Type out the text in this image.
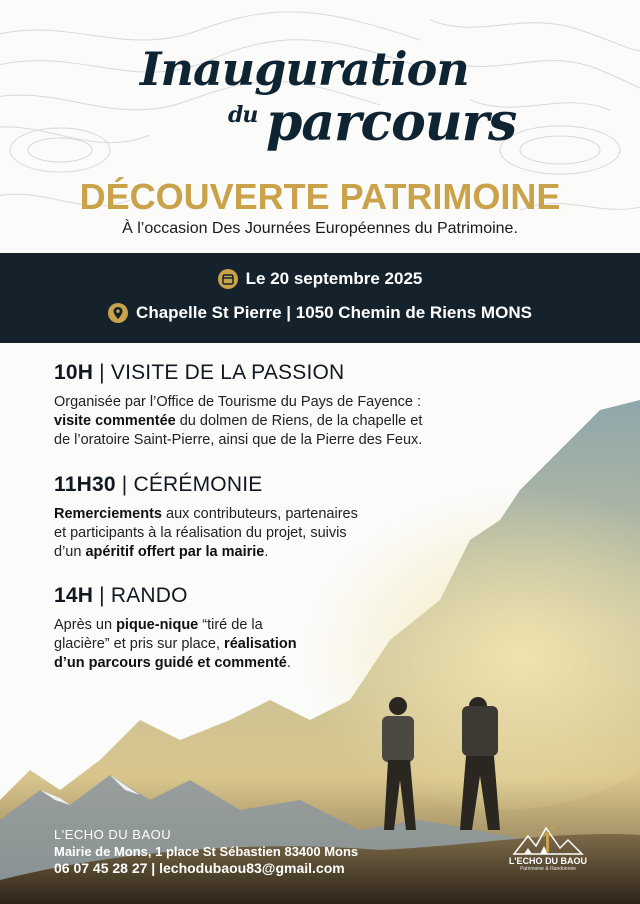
Inauguration
du parcours
DÉCOUVERTE PATRIMOINE
À l’occasion Des Journées Européennes du Patrimoine.
Le 20 septembre 2025
Chapelle St Pierre | 1050 Chemin de Riens MONS
10H | VISITE DE LA PASSION
Organisée par l’Office de Tourisme du Pays de Fayence :
visite commentée du dolmen de Riens, de la chapelle et
de l’oratoire Saint-Pierre, ainsi que de la Pierre des Feux.
11H30 | CÉRÉMONIE
Remerciements aux contributeurs, partenaires
et participants à la réalisation du projet, suivis
d’un apéritif offert par la mairie.
14H | RANDO
Après un pique-nique “tiré de la
glacière” et pris sur place, réalisation
d’un parcours guidé et commenté.
L'ECHO DU BAOU
Mairie de Mons, 1 place St Sébastien 83400 Mons
06 07 45 28 27 | lechodubaou83@gmail.com	L'ECHO DU BAOU
Patrimoine & Randonnée
